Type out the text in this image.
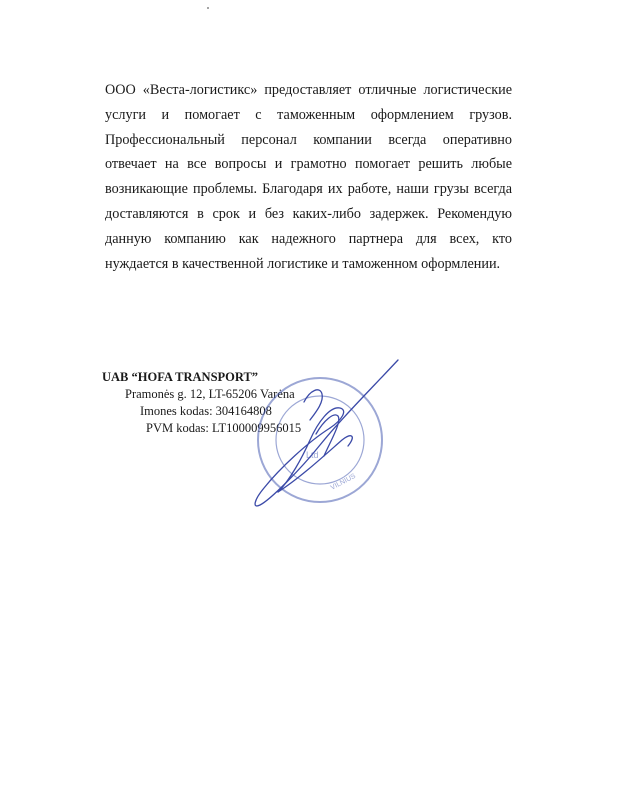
ООО «Веста-логистикс» предоставляет отличные логистические услуги и помогает с таможенным оформлением грузов. Профессиональный персонал компании всегда оперативно отвечает на все вопросы и грамотно помогает решить любые возникающие проблемы. Благодаря их работе, наши грузы всегда доставляются в срок и без каких-либо задержек. Рекомендую данную компанию как надежного партнера для всех, кто нуждается в качественной логистике и таможенном оформлении.

UAB “HOFA TRANSPORT”
Pramonės g. 12, LT-65206 Varėna
Imones kodas: 304164808
PVM kodas: LT100009956015
Ltd
VILNIUS
